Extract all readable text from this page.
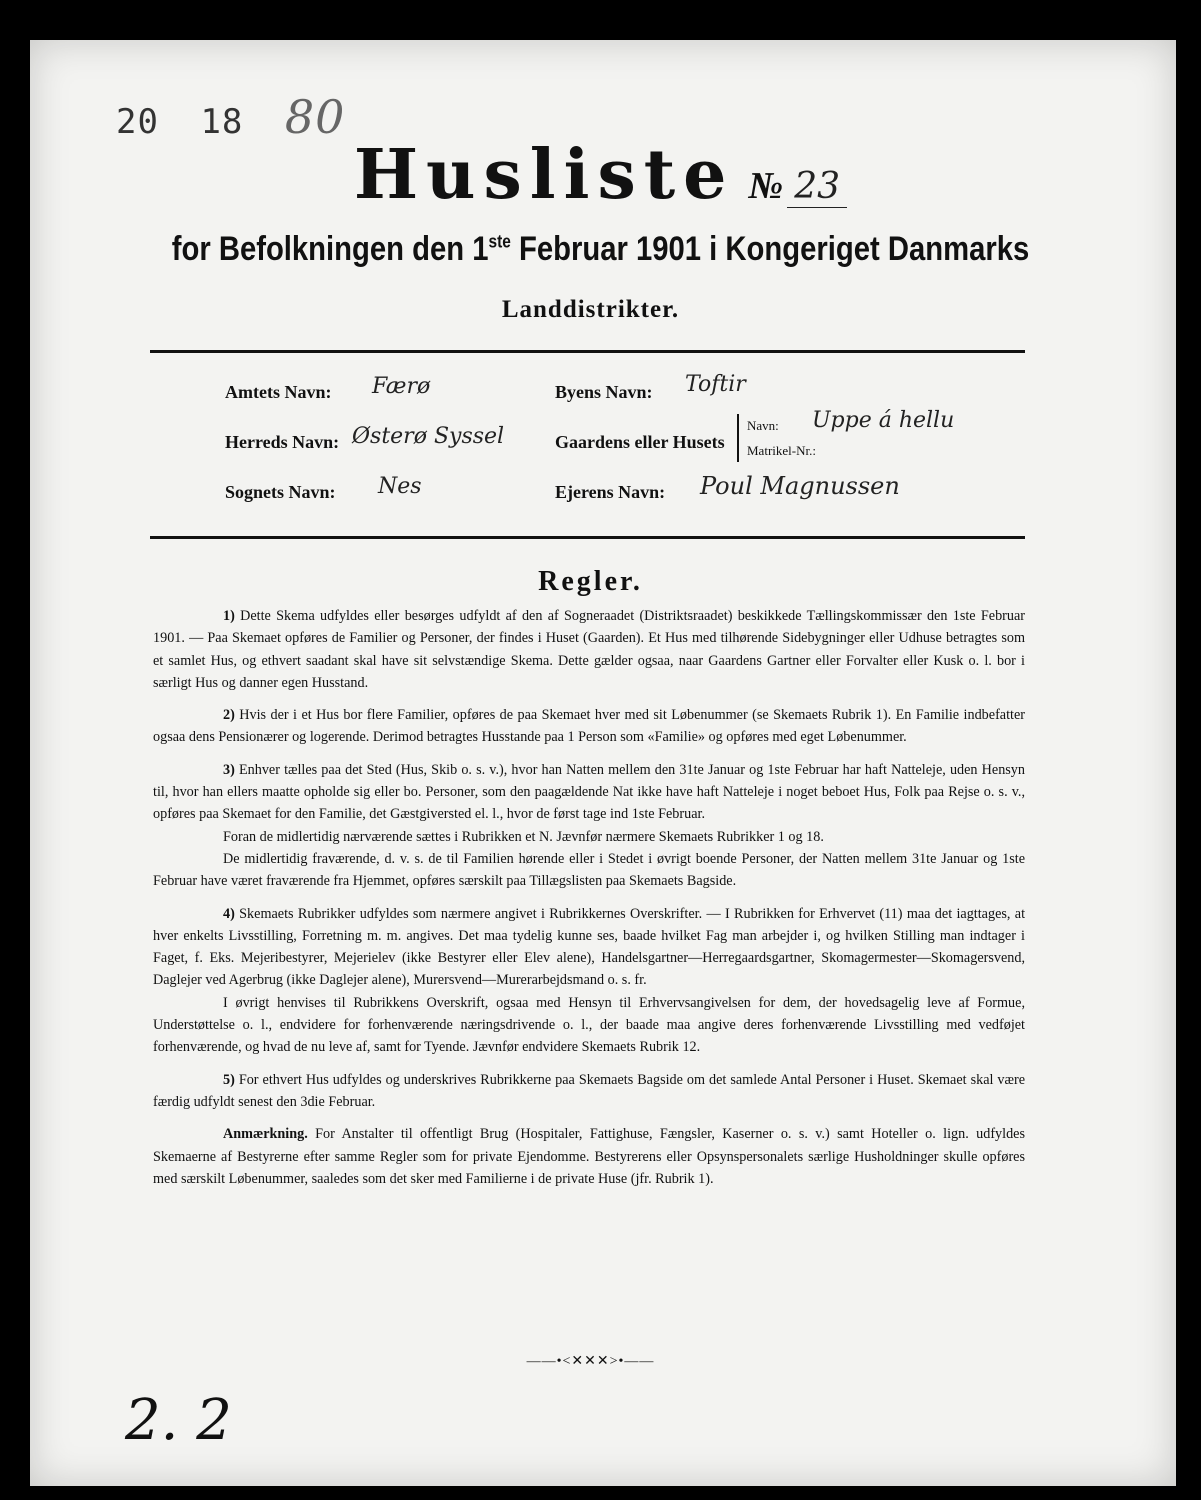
20 18 80
Husliste № 23
for Befolkningen den 1ste Februar 1901 i Kongeriget Danmarks
Landdistrikter.
Amtets Navn: Færø
Herreds Navn: Østerø Syssel
Sognets Navn: Nes
Byens Navn: Toftir
Gaardens eller Husets
Navn: Uppe á hellu
Matrikel-Nr.:
Ejerens Navn: Poul Magnussen
Regler.

1) Dette Skema udfyldes eller besørges udfyldt af den af Sogneraadet (Distriktsraadet) beskikkede Tællingskommissær den 1ste Februar 1901. — Paa Skemaet opføres de Familier og Personer, der findes i Huset (Gaarden). Et Hus med tilhørende Sidebygninger eller Udhuse betragtes som et samlet Hus, og ethvert saadant skal have sit selvstændige Skema. Dette gælder ogsaa, naar Gaardens Gartner eller Forvalter eller Kusk o. l. bor i særligt Hus og danner egen Husstand.

2) Hvis der i et Hus bor flere Familier, opføres de paa Skemaet hver med sit Løbenummer (se Skemaets Rubrik 1). En Familie indbefatter ogsaa dens Pensionærer og logerende. Derimod betragtes Husstande paa 1 Person som «Familie» og opføres med eget Løbenummer.

3) Enhver tælles paa det Sted (Hus, Skib o. s. v.), hvor han Natten mellem den 31te Januar og 1ste Februar har haft Natteleje, uden Hensyn til, hvor han ellers maatte opholde sig eller bo. Personer, som den paagældende Nat ikke have haft Natteleje i noget beboet Hus, Folk paa Rejse o. s. v., opføres paa Skemaet for den Familie, det Gæstgiversted el. l., hvor de først tage ind 1ste Februar.

Foran de midlertidig nærværende sættes i Rubrikken et N. Jævnfør nærmere Skemaets Rubrikker 1 og 18.

De midlertidig fraværende, d. v. s. de til Familien hørende eller i Stedet i øvrigt boende Personer, der Natten mellem 31te Januar og 1ste Februar have været fraværende fra Hjemmet, opføres særskilt paa Tillægslisten paa Skemaets Bagside.

4) Skemaets Rubrikker udfyldes som nærmere angivet i Rubrikkernes Overskrifter. — I Rubrikken for Erhvervet (11) maa det iagttages, at hver enkelts Livsstilling, Forretning m. m. angives. Det maa tydelig kunne ses, baade hvilket Fag man arbejder i, og hvilken Stilling man indtager i Faget, f. Eks. Mejeribestyrer, Mejerielev (ikke Bestyrer eller Elev alene), Handelsgartner—Herregaardsgartner, Skomagermester—Skomagersvend, Daglejer ved Agerbrug (ikke Daglejer alene), Murersvend—Murerarbejdsmand o. s. fr.

I øvrigt henvises til Rubrikkens Overskrift, ogsaa med Hensyn til Erhvervsangivelsen for dem, der hovedsagelig leve af Formue, Understøttelse o. l., endvidere for forhenværende næringsdrivende o. l., der baade maa angive deres forhenværende Livsstilling med vedføjet forhenværende, og hvad de nu leve af, samt for Tyende. Jævnfør endvidere Skemaets Rubrik 12.

5) For ethvert Hus udfyldes og underskrives Rubrikkerne paa Skemaets Bagside om det samlede Antal Personer i Huset. Skemaet skal være færdig udfyldt senest den 3die Februar.

Anmærkning. For Anstalter til offentligt Brug (Hospitaler, Fattighuse, Fængsler, Kaserner o. s. v.) samt Hoteller o. lign. udfyldes Skemaerne af Bestyrerne efter samme Regler som for private Ejendomme. Bestyrerens eller Opsynspersonalets særlige Husholdninger skulle opføres med særskilt Løbenummer, saaledes som det sker med Familierne i de private Huse (jfr. Rubrik 1).

——•<✕✕✕>•——
2. 2
